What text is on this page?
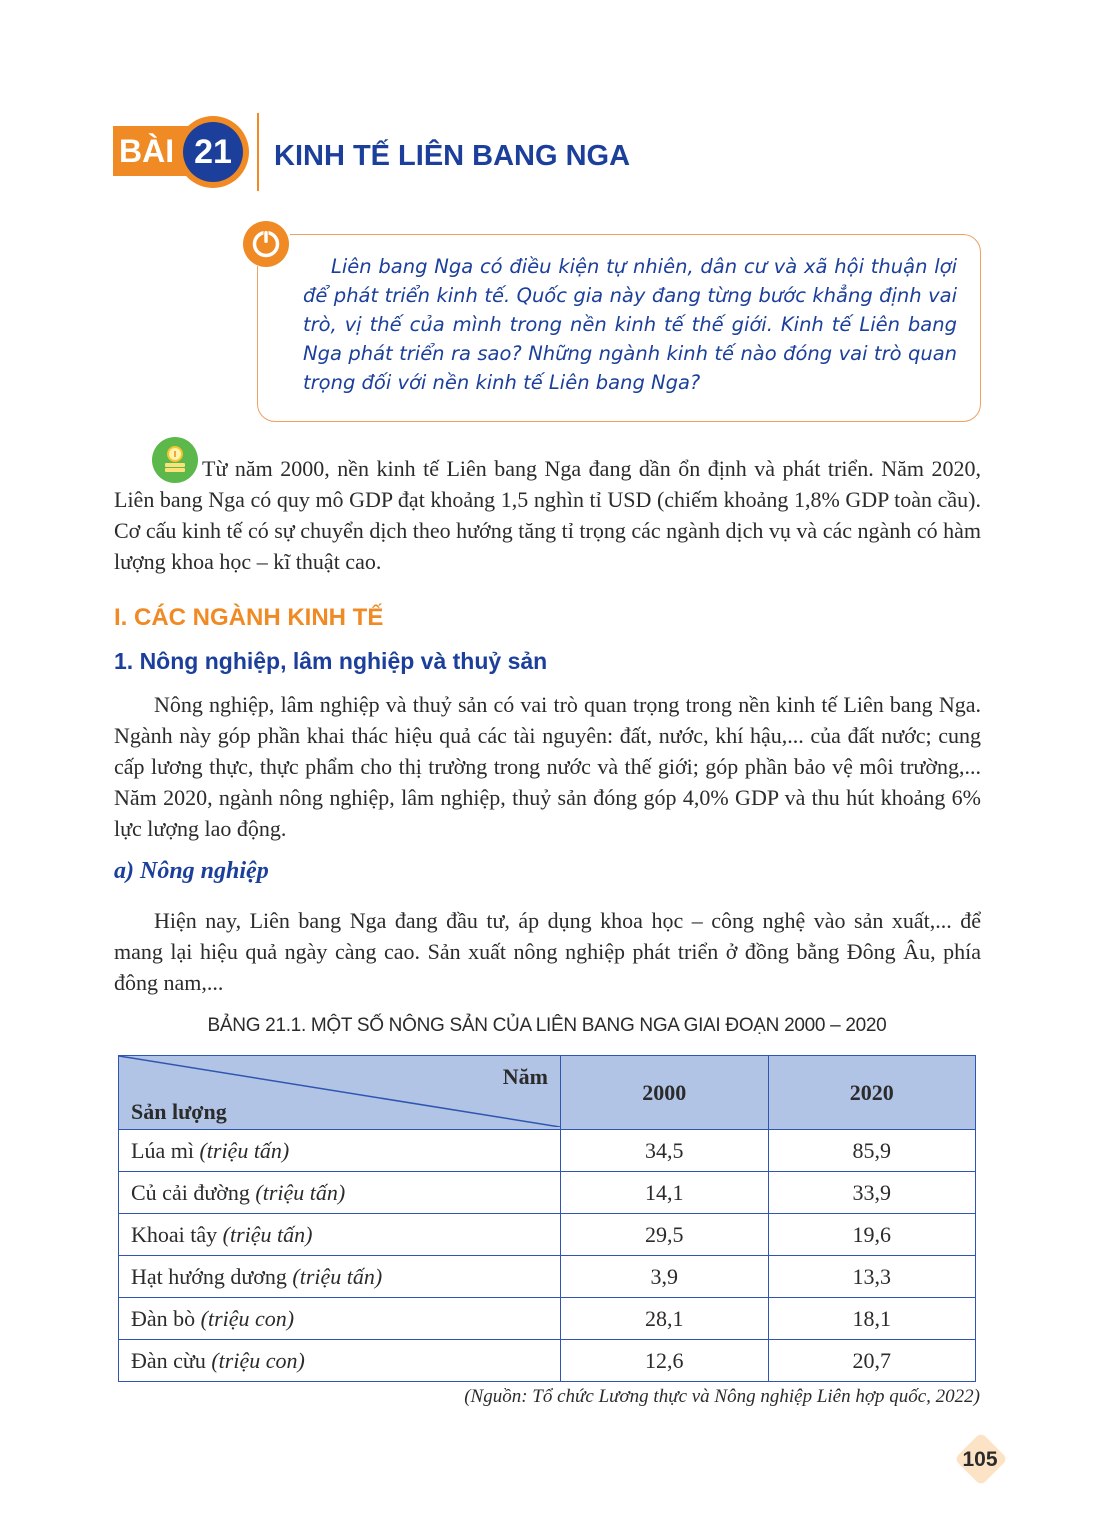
BÀI 21	KINH TẾ LIÊN BANG NGA
Liên bang Nga có điều kiện tự nhiên, dân cư và xã hội thuận lợi để phát triển kinh tế. Quốc gia này đang từng bước khẳng định vai trò, vị thế của mình trong nền kinh tế thế giới. Kinh tế Liên bang Nga phát triển ra sao? Những ngành kinh tế nào đóng vai trò quan trọng đối với nền kinh tế Liên bang Nga?
Từ năm 2000, nền kinh tế Liên bang Nga đang dần ổn định và phát triển. Năm 2020, Liên bang Nga có quy mô GDP đạt khoảng 1,5 nghìn tỉ USD (chiếm khoảng 1,8% GDP toàn cầu). Cơ cấu kinh tế có sự chuyển dịch theo hướng tăng tỉ trọng các ngành dịch vụ và các ngành có hàm lượng khoa học – kĩ thuật cao.
I. CÁC NGÀNH KINH TẾ
1. Nông nghiệp, lâm nghiệp và thuỷ sản
Nông nghiệp, lâm nghiệp và thuỷ sản có vai trò quan trọng trong nền kinh tế Liên bang Nga. Ngành này góp phần khai thác hiệu quả các tài nguyên: đất, nước, khí hậu,... của đất nước; cung cấp lương thực, thực phẩm cho thị trường trong nước và thế giới; góp phần bảo vệ môi trường,... Năm 2020, ngành nông nghiệp, lâm nghiệp, thuỷ sản đóng góp 4,0% GDP và thu hút khoảng 6% lực lượng lao động.
a) Nông nghiệp
Hiện nay, Liên bang Nga đang đầu tư, áp dụng khoa học – công nghệ vào sản xuất,... để mang lại hiệu quả ngày càng cao. Sản xuất nông nghiệp phát triển ở đồng bằng Đông Âu, phía đông nam,...
BẢNG 21.1. MỘT SỐ NÔNG SẢN CỦA LIÊN BANG NGA GIAI ĐOẠN 2000 – 2020
Năm
Sản lượng	2000	2020
Lúa mì (triệu tấn)	34,5	85,9
Củ cải đường (triệu tấn)	14,1	33,9
Khoai tây (triệu tấn)	29,5	19,6
Hạt hướng dương (triệu tấn)	3,9	13,3
Đàn bò (triệu con)	28,1	18,1
Đàn cừu (triệu con)	12,6	20,7
(Nguồn: Tổ chức Lương thực và Nông nghiệp Liên hợp quốc, 2022)
105
